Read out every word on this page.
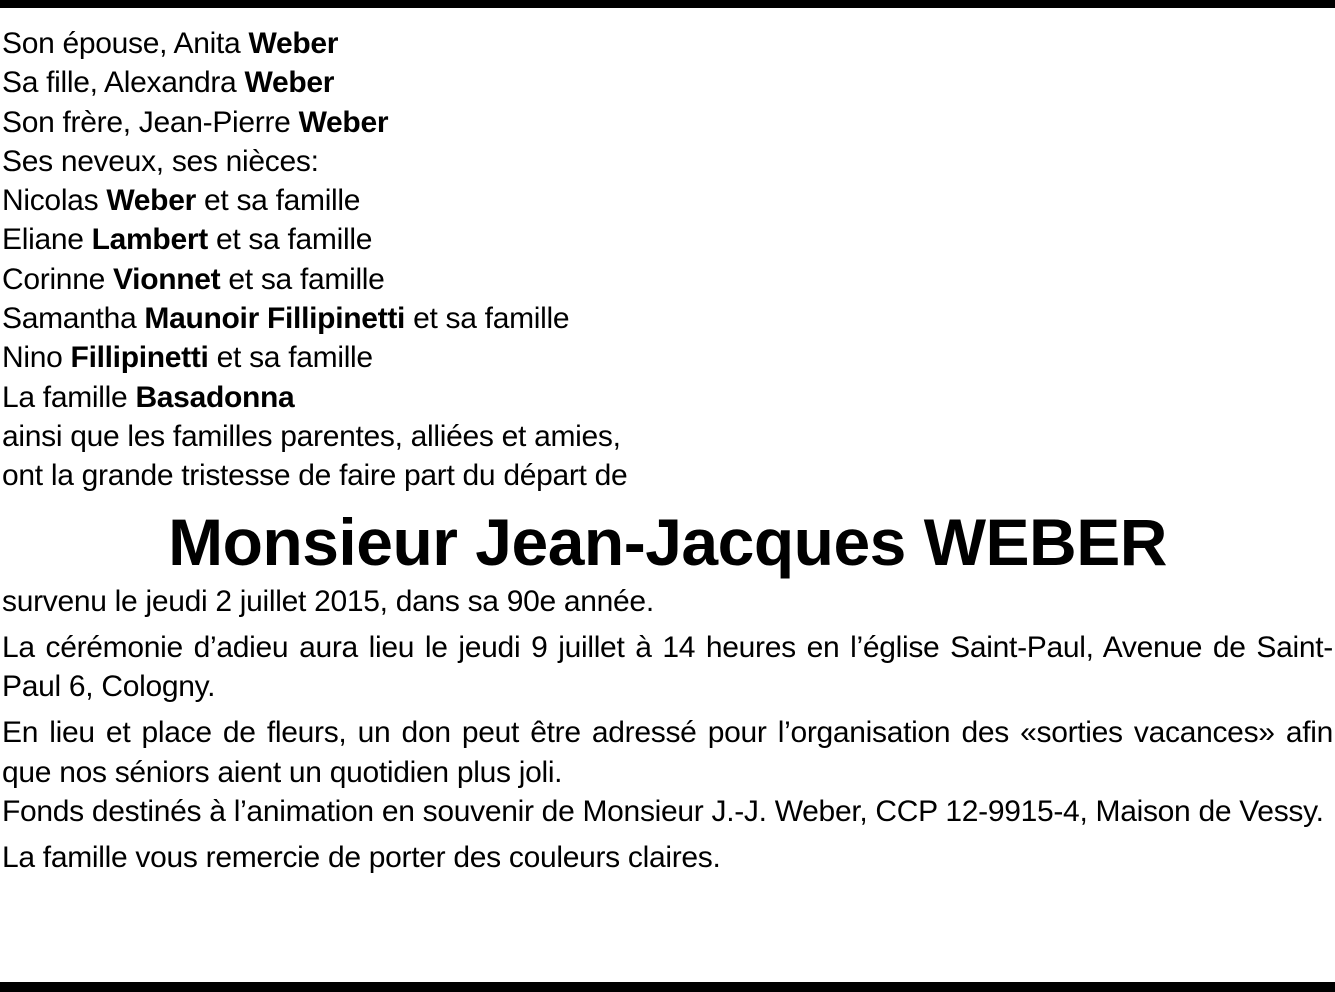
Son épouse, Anita Weber
Sa fille, Alexandra Weber
Son frère, Jean-Pierre Weber
Ses neveux, ses nièces:
Nicolas Weber et sa famille
Eliane Lambert et sa famille
Corinne Vionnet et sa famille
Samantha Maunoir Fillipinetti et sa famille
Nino Fillipinetti et sa famille
La famille Basadonna
ainsi que les familles parentes, alliées et amies,
ont la grande tristesse de faire part du départ de
Monsieur Jean-Jacques WEBER
survenu le jeudi 2 juillet 2015, dans sa 90e année.
La cérémonie d’adieu aura lieu le jeudi 9 juillet à 14 heures en l’église Saint-Paul, Avenue de Saint-Paul 6, Cologny.
En lieu et place de fleurs, un don peut être adressé pour l’organisation des «sorties vacances» afin que nos séniors aient un quotidien plus joli.
Fonds destinés à l’animation en souvenir de Monsieur J.-J. Weber, CCP 12-9915-4, Maison de Vessy.
La famille vous remercie de porter des couleurs claires.
